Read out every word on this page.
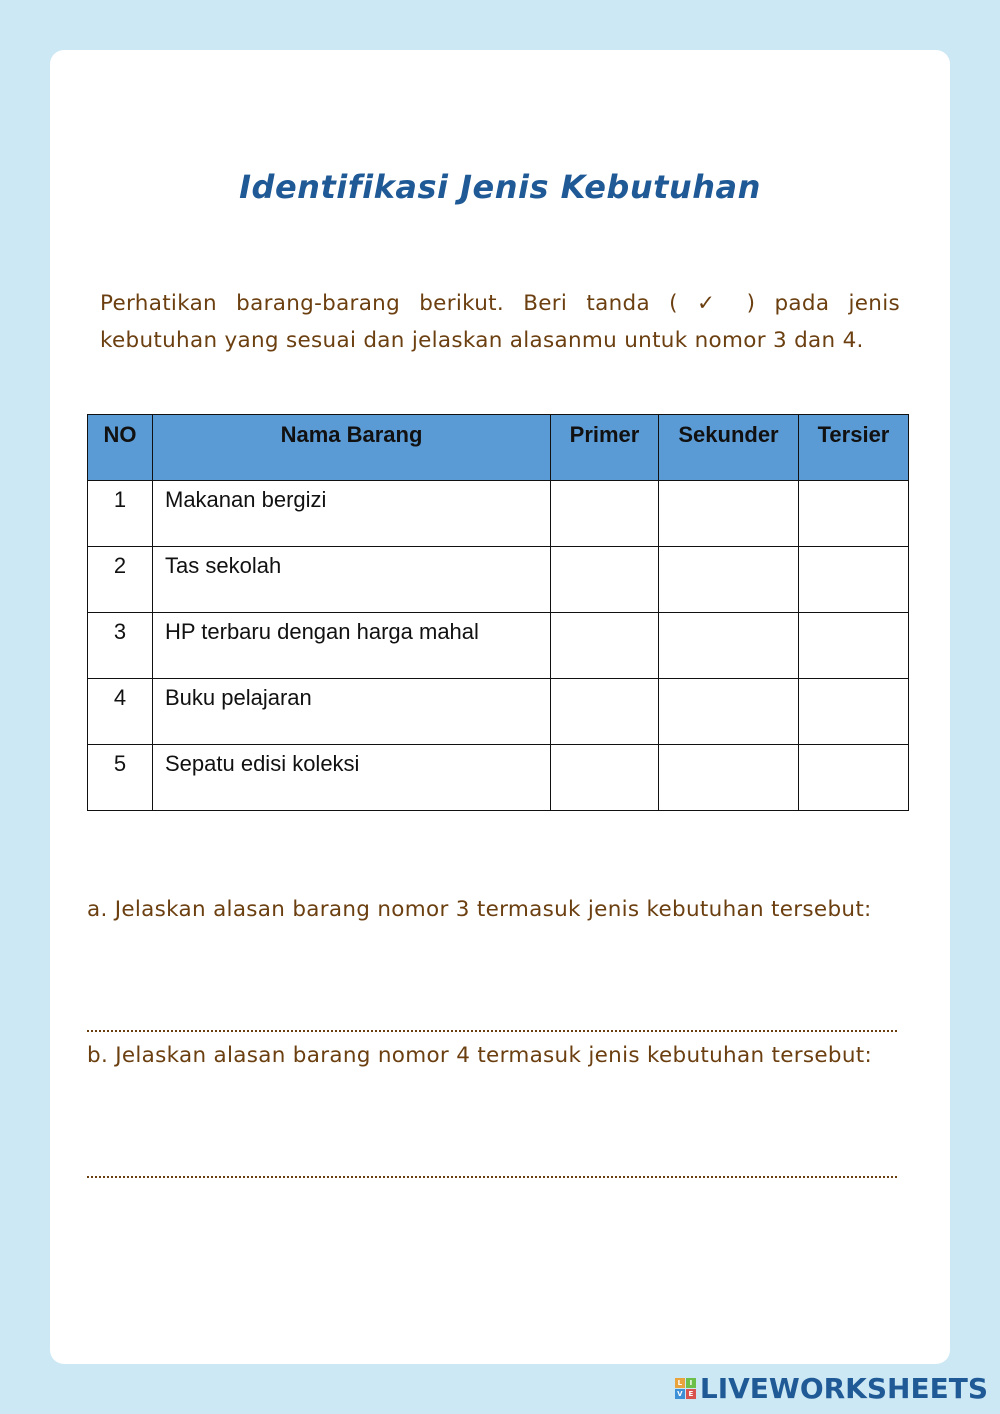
Identifikasi Jenis Kebutuhan

Perhatikan barang-barang berikut. Beri tanda ( ✓ ) pada jenis kebutuhan yang sesuai dan jelaskan alasanmu untuk nomor 3 dan 4.

NO	Nama Barang	Primer	Sekunder	Tersier
1	Makanan bergizi			
2	Tas sekolah			
3	HP terbaru dengan harga mahal			
4	Buku pelajaran			
5	Sepatu edisi koleksi			

a. Jelaskan alasan barang nomor 3 termasuk jenis kebutuhan tersebut:

b. Jelaskan alasan barang nomor 4 termasuk jenis kebutuhan tersebut:

L	I
V E LIVEWORKSHEETS
